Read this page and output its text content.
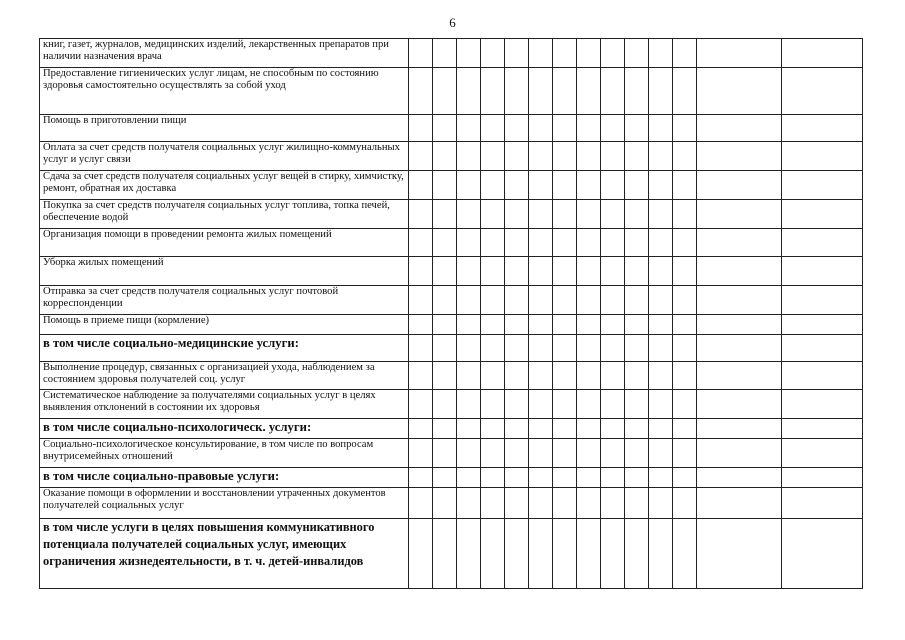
6
книг, газет, журналов, медицинских изделий, лекарственных препаратов при наличии назначения врача														

Предоставление гигиенических услуг лицам, не способным по состоянию здоровья самостоятельно осуществлять за собой уход														

Помощь в приготовлении пищи														

Оплата за счет средств получателя социальных услуг жилищно-коммунальных услуг и услуг связи														

Сдача за счет средств получателя социальных услуг вещей в стирку, химчистку, ремонт, обратная их доставка														

Покупка за счет средств получателя социальных услуг топлива, топка печей, обеспечение водой														

Организация помощи в проведении ремонта жилых помещений														

Уборка жилых помещений														

Отправка за счет средств получателя социальных услуг почтовой корреспонденции														

Помощь в приеме пищи (кормление)														

в том числе социально-медицинские услуги:														

Выполнение процедур, связанных с организацией ухода, наблюдением за состоянием здоровья получателей соц. услуг														

Систематическое наблюдение за получателями социальных услуг в целях выявления отклонений в состоянии их здоровья														

в том числе социально-психологическ. услуги:														

Социально-психологическое консультирование, в том числе по вопросам внутрисемейных отношений														

в том числе социально-правовые услуги:														

Оказание помощи в оформлении и восстановлении утраченных документов получателей социальных услуг														

в том числе услуги в целях повышения коммуникативного потенциала получателей социальных услуг, имеющих ограничения жизнедеятельности, в т. ч. детей-инвалидов														
